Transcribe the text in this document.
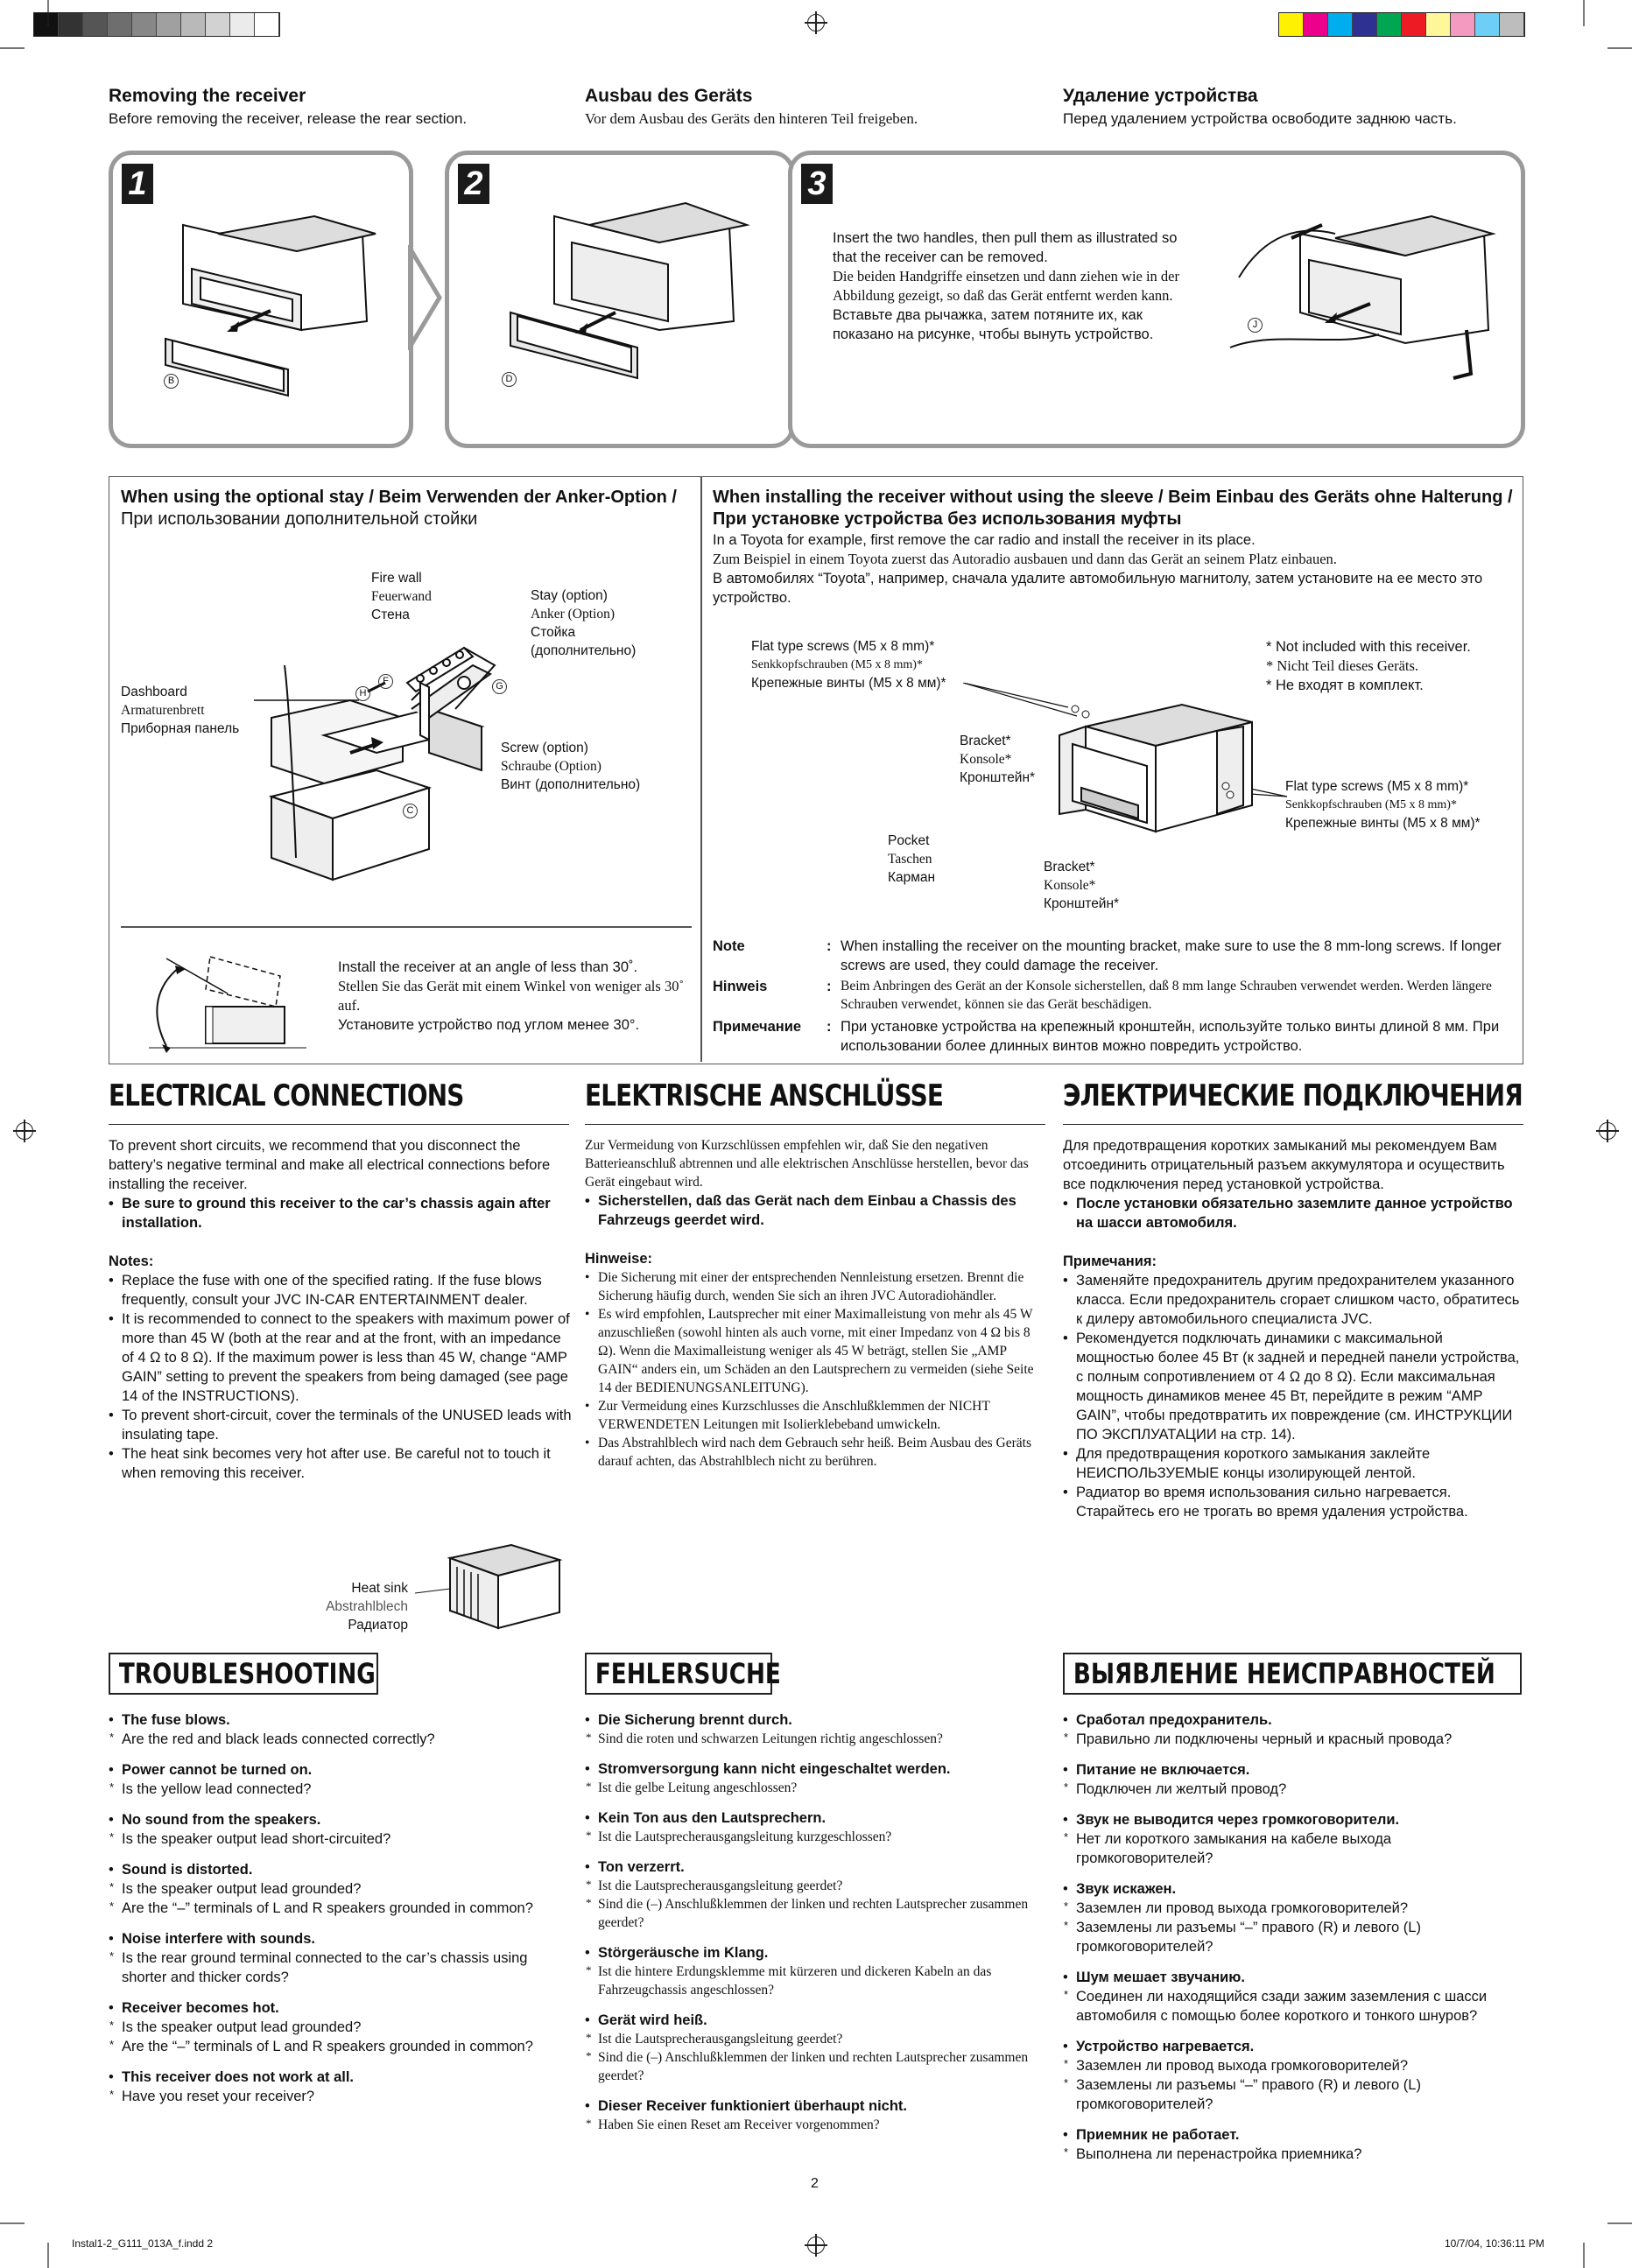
Removing the receiver
Before removing the receiver, release the rear section.
Ausbau des Geräts
Vor dem Ausbau des Geräts den hinteren Teil freigeben.
Удаление устройства
Перед удалением устройства освободите заднюю часть.
1
B
2
D
3
Insert the two handles, then pull them as illustrated so that the receiver can be removed.
Die beiden Handgriffe einsetzen und dann ziehen wie in der Abbildung gezeigt, so daß das Gerät entfernt werden kann.
Вставьте два рычажка, затем потяните их, как показано на рисунке, чтобы вынуть устройство.
J
When using the optional stay / Beim Verwenden der Anker-Option / При использовании дополнительной стойки
Fire wall
Feuerwand
Стена
Stay (option)
Anker (Option)
Стойка
(дополнительно)
Dashboard
Armaturenbrett
Приборная панель
Screw (option)
Schraube (Option)
Винт (дополнительно)
F
H
G
C
Install the receiver at an angle of less than 30˚.
Stellen Sie das Gerät mit einem Winkel von weniger als 30˚ auf.
Установите устройство под углом менее 30°.
When installing the receiver without using the sleeve / Beim Einbau des Geräts ohne Halterung / При установке устройства без использования муфты
In a Toyota for example, first remove the car radio and install the receiver in its place.
Zum Beispiel in einem Toyota zuerst das Autoradio ausbauen und dann das Gerät an seinem Platz einbauen.
В автомобилях “Toyota”, например, сначала удалите автомобильную магнитолу, затем установите на ее место это устройство.
Flat type screws (M5 x 8 mm)*
Senkkopfschrauben (M5 x 8 mm)*
Крепежные винты (M5 x 8 мм)*
* Not included with this receiver.
* Nicht Teil dieses Geräts.
* Не входят в комплект.
Bracket*
Konsole*
Кронштейн*
Flat type screws (M5 x 8 mm)*
Senkkopfschrauben (M5 x 8 mm)*
Крепежные винты (M5 x 8 мм)*
Pocket
Taschen
Карман
Bracket*
Konsole*
Кронштейн*
Note	: When installing the receiver on the mounting bracket, make sure to use the 8 mm-long screws. If longer screws are used, they could damage the receiver.
Hinweis	: Beim Anbringen des Gerät an der Konsole sicherstellen, daß 8 mm lange Schrauben verwendet werden. Werden längere Schrauben verwendet, können sie das Gerät beschädigen.
Примечание	: При установке устройства на крепежный кронштейн, используйте только винты длиной 8 мм. При использовании более длинных винтов можно повредить устройство.
ELECTRICAL CONNECTIONS	ELEKTRISCHE ANSCHLÜSSE	ЭЛЕКТРИЧЕСКИЕ ПОДКЛЮЧЕНИЯ
To prevent short circuits, we recommend that you disconnect the battery’s negative terminal and make all electrical connections before installing the receiver.
• Be sure to ground this receiver to the car’s chassis again after installation.
Notes:
• Replace the fuse with one of the specified rating. If the fuse blows frequently, consult your JVC IN-CAR ENTERTAINMENT dealer.
• It is recommended to connect to the speakers with maximum power of more than 45 W (both at the rear and at the front, with an impedance of 4 Ω to 8 Ω). If the maximum power is less than 45 W, change “AMP GAIN” setting to prevent the speakers from being damaged (see page 14 of the INSTRUCTIONS).
• To prevent short-circuit, cover the terminals of the UNUSED leads with insulating tape.
• The heat sink becomes very hot after use. Be careful not to touch it when removing this receiver.
Heat sink
Abstrahlblech
Радиатор
Zur Vermeidung von Kurzschlüssen empfehlen wir, daß Sie den negativen Batterieanschluß abtrennen und alle elektrischen Anschlüsse herstellen, bevor das Gerät eingebaut wird.
• Sicherstellen, daß das Gerät nach dem Einbau a Chassis des Fahrzeugs geerdet wird.
Hinweise:
• Die Sicherung mit einer der entsprechenden Nennleistung ersetzen. Brennt die Sicherung häufig durch, wenden Sie sich an ihren JVC Autoradiohändler.
• Es wird empfohlen, Lautsprecher mit einer Maximalleistung von mehr als 45 W anzuschließen (sowohl hinten als auch vorne, mit einer Impedanz von 4 Ω bis 8 Ω). Wenn die Maximalleistung weniger als 45 W beträgt, stellen Sie „AMP GAIN“ anders ein, um Schäden an den Lautsprechern zu vermeiden (siehe Seite 14 der BEDIENUNGSANLEITUNG).
• Zur Vermeidung eines Kurzschlusses die Anschlußklemmen der NICHT VERWENDETEN Leitungen mit Isolierklebeband umwickeln.
• Das Abstrahlblech wird nach dem Gebrauch sehr heiß. Beim Ausbau des Geräts darauf achten, das Abstrahlblech nicht zu berühren.
Для предотвращения коротких замыканий мы рекомендуем Вам отсоединить отрицательный разъем аккумулятора и осуществить все подключения перед установкой устройства.
• После установки обязательно заземлите данное устройство на шасси автомобиля.
Примечания:
• Заменяйте предохранитель другим предохранителем указанного класса. Если предохранитель сгорает слишком часто, обратитесь к дилеру автомобильного специалиста JVC.
• Рекомендуется подключать динамики с максимальной мощностью более 45 Вт (к задней и передней панели устройства, с полным сопротивлением от 4 Ω до 8 Ω). Если максимальная мощность динамиков менее 45 Вт, перейдите в режим “AMP GAIN”, чтобы предотвратить их повреждение (см. ИНСТРУКЦИИ ПО ЭКСПЛУАТАЦИИ на стр. 14).
• Для предотвращения короткого замыкания заклейте НЕИСПОЛЬЗУЕМЫЕ концы изолирующей лентой.
• Радиатор во время использования сильно нагревается. Старайтесь его не трогать во время удаления устройства.
TROUBLESHOOTING	FEHLERSUCHE	ВЫЯВЛЕНИЕ НЕИСПРАВНОСТЕЙ
• The fuse blows.
* Are the red and black leads connected correctly?
• Power cannot be turned on.
* Is the yellow lead connected?
• No sound from the speakers.
* Is the speaker output lead short-circuited?
• Sound is distorted.
* Is the speaker output lead grounded?
* Are the “–” terminals of L and R speakers grounded in common?
• Noise interfere with sounds.
* Is the rear ground terminal connected to the car’s chassis using shorter and thicker cords?
• Receiver becomes hot.
* Is the speaker output lead grounded?
* Are the “–” terminals of L and R speakers grounded in common?
• This receiver does not work at all.
* Have you reset your receiver?
• Die Sicherung brennt durch.
* Sind die roten und schwarzen Leitungen richtig angeschlossen?
• Stromversorgung kann nicht eingeschaltet werden.
* Ist die gelbe Leitung angeschlossen?
• Kein Ton aus den Lautsprechern.
* Ist die Lautsprecherausgangsleitung kurzgeschlossen?
• Ton verzerrt.
* Ist die Lautsprecherausgangsleitung geerdet?
* Sind die (–) Anschlußklemmen der linken und rechten Lautsprecher zusammen geerdet?
• Störgeräusche im Klang.
* Ist die hintere Erdungsklemme mit kürzeren und dickeren Kabeln an das Fahrzeugchassis angeschlossen?
• Gerät wird heiß.
* Ist die Lautsprecherausgangsleitung geerdet?
* Sind die (–) Anschlußklemmen der linken und rechten Lautsprecher zusammen geerdet?
• Dieser Receiver funktioniert überhaupt nicht.
* Haben Sie einen Reset am Receiver vorgenommen?
• Сработал предохранитель.
* Правильно ли подключены черный и красный провода?
• Питание не включается.
* Подключен ли желтый провод?
• Звук не выводится через громкоговорители.
* Нет ли короткого замыкания на кабеле выхода громкоговорителей?
• Звук искажен.
* Заземлен ли провод выхода громкоговорителей?
* Заземлены ли разъемы “–” правого (R) и левого (L) громкоговорителей?
• Шум мешает звучанию.
* Соединен ли находящийся сзади зажим заземления с шасси автомобиля с помощью более короткого и тонкого шнуров?
• Устройство нагревается.
* Заземлен ли провод выхода громкоговорителей?
* Заземлены ли разъемы “–” правого (R) и левого (L) громкоговорителей?
• Приемник не работает.
* Выполнена ли перенастройка приемника?
2
Instal1-2_G111_013A_f.indd 2	10/7/04, 10:36:11 PM
